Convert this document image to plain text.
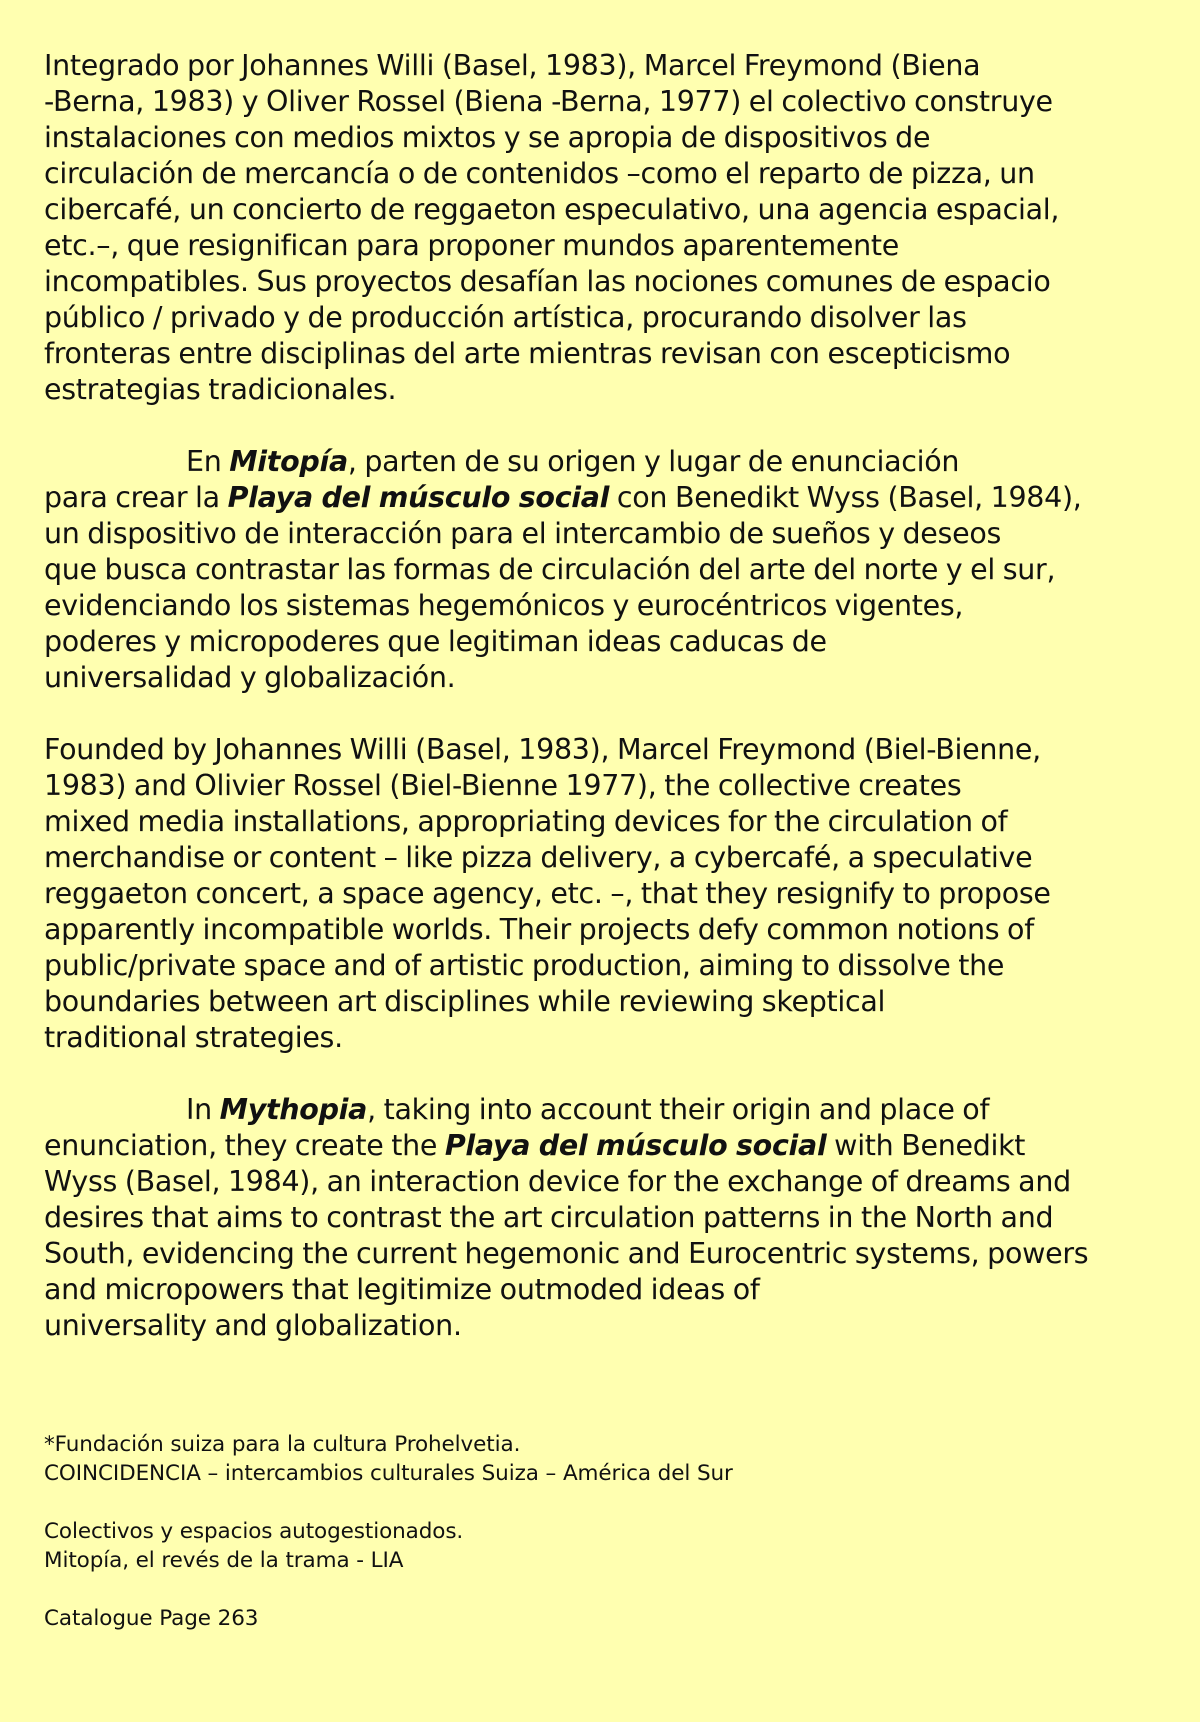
Integrado por Johannes Willi (Basel, 1983), Marcel Freymond (Biena
-Berna, 1983) y Oliver Rossel (Biena -Berna, 1977) el colectivo construye
instalaciones con medios mixtos y se apropia de dispositivos de
circulación de mercancía o de contenidos –como el reparto de pizza, un
cibercafé, un concierto de reggaeton especulativo, una agencia espacial,
etc.–, que resignifican para proponer mundos aparentemente
incompatibles. Sus proyectos desafían las nociones comunes de espacio
público / privado y de producción artística, procurando disolver las
fronteras entre disciplinas del arte mientras revisan con escepticismo
estrategias tradicionales.

En Mitopía, parten de su origen y lugar de enunciación
para crear la Playa del músculo social con Benedikt Wyss (Basel, 1984),
un dispositivo de interacción para el intercambio de sueños y deseos
que busca contrastar las formas de circulación del arte del norte y el sur,
evidenciando los sistemas hegemónicos y eurocéntricos vigentes,
poderes y micropoderes que legitiman ideas caducas de
universalidad y globalización.

Founded by Johannes Willi (Basel, 1983), Marcel Freymond (Biel-Bienne,
1983) and Olivier Rossel (Biel-Bienne 1977), the collective creates
mixed media installations, appropriating devices for the circulation of
merchandise or content – like pizza delivery, a cybercafé, a speculative
reggaeton concert, a space agency, etc. –, that they resignify to propose
apparently incompatible worlds. Their projects defy common notions of
public/private space and of artistic production, aiming to dissolve the
boundaries between art disciplines while reviewing skeptical
traditional strategies.

In Mythopia, taking into account their origin and place of
enunciation, they create the Playa del músculo social with Benedikt
Wyss (Basel, 1984), an interaction device for the exchange of dreams and
desires that aims to contrast the art circulation patterns in the North and
South, evidencing the current hegemonic and Eurocentric systems, powers
and micropowers that legitimize outmoded ideas of
universality and globalization.

*Fundación suiza para la cultura Prohelvetia.
COINCIDENCIA – intercambios culturales Suiza – América del Sur
Colectivos y espacios autogestionados.
Mitopía, el revés de la trama - LIA
Catalogue Page 263
